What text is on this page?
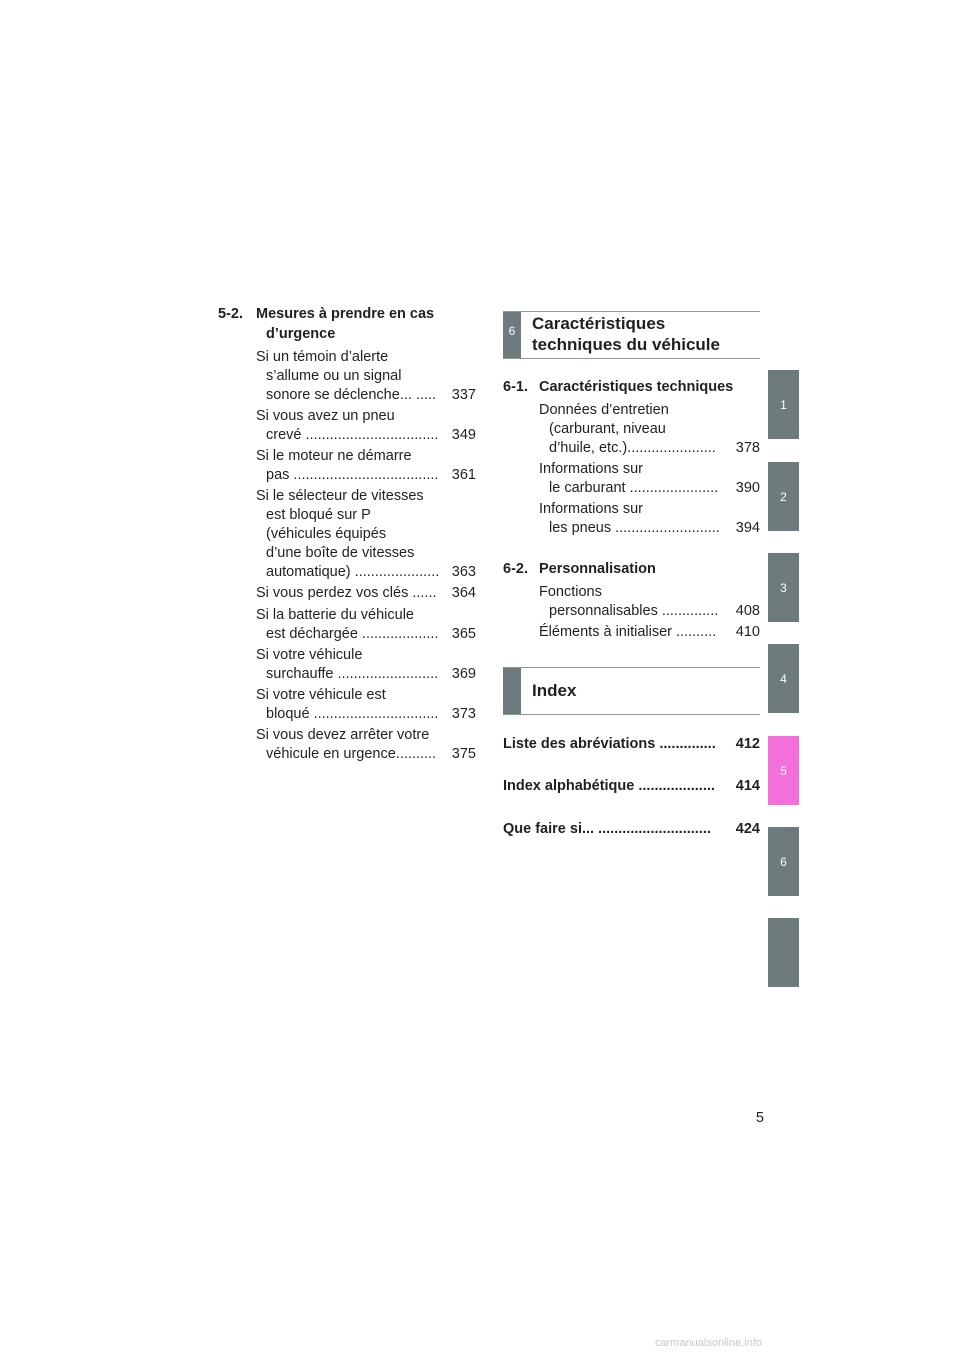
5-2. Mesures à prendre en cas
d’urgence
Si un témoin d’alerte
s’allume ou un signal
sonore se déclenche... ..... 337
Si vous avez un pneu
crevé ................................. 349
Si le moteur ne démarre
pas .................................... 361
Si le sélecteur de vitesses
est bloqué sur P
(véhicules équipés
d’une boîte de vitesses
automatique) ..................... 363
Si vous perdez vos clés ...... 364
Si la batterie du véhicule
est déchargée ................... 365
Si votre véhicule
surchauffe ......................... 369
Si votre véhicule est
bloqué ............................... 373
Si vous devez arrêter votre
véhicule en urgence.......... 375
6 Caractéristiques
techniques du véhicule
6-1. Caractéristiques techniques
Données d’entretien
(carburant, niveau
d’huile, etc.)...................... 378
Informations sur
le carburant ...................... 390
Informations sur
les pneus .......................... 394
6-2. Personnalisation
Fonctions
personnalisables .............. 408
Éléments à initialiser .......... 410
Index
Liste des abréviations .............. 412
Index alphabétique ................... 414
Que faire si... ............................ 424
1
2
3
4
5
6
5
carmanualsonline.info
